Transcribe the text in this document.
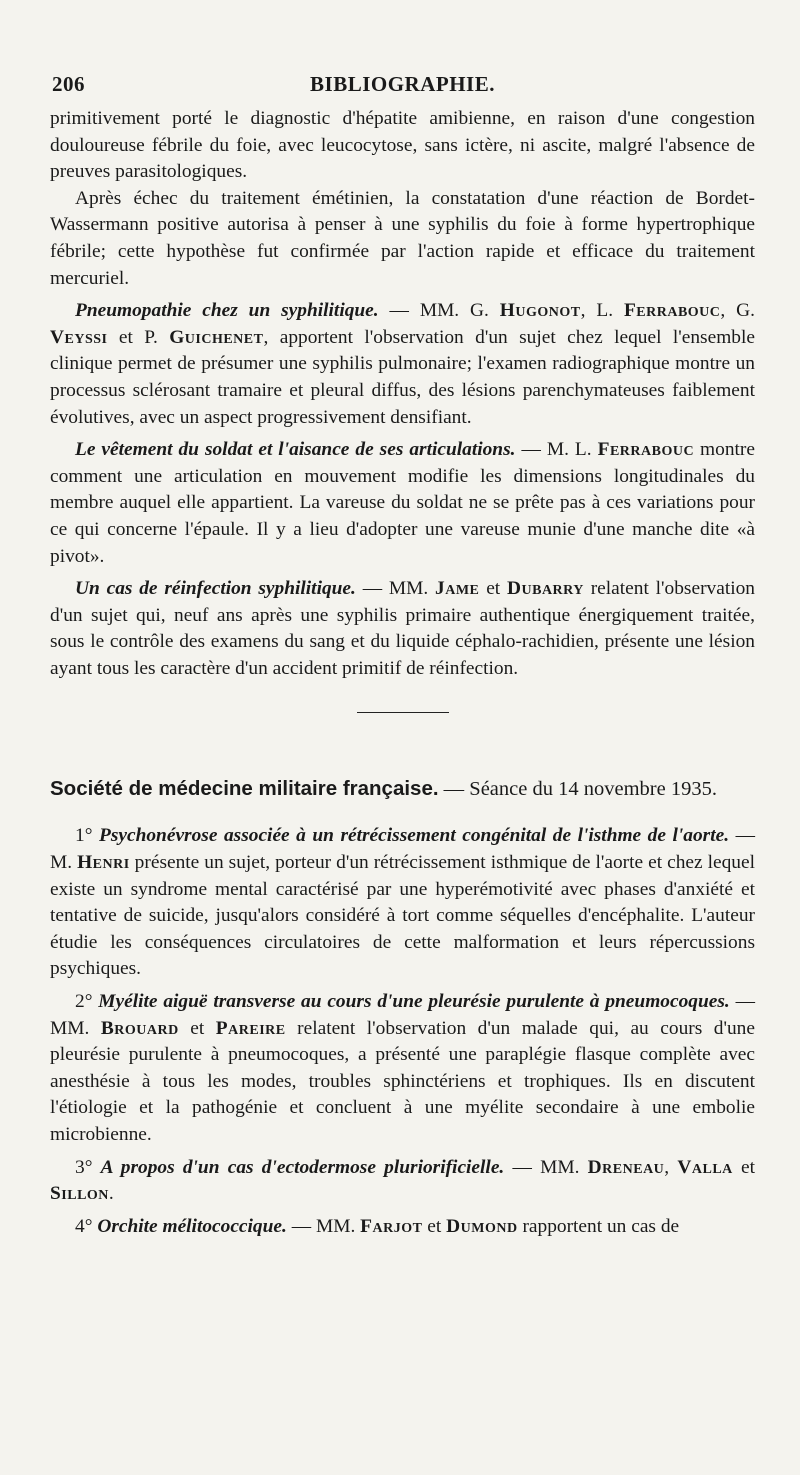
206	BIBLIOGRAPHIE.

primitivement porté le diagnostic d'hépatite amibienne, en raison d'une congestion douloureuse fébrile du foie, avec leucocytose, sans ictère, ni ascite, malgré l'absence de preuves parasitologiques.

Après échec du traitement émétinien, la constatation d'une réaction de Bordet-Wassermann positive autorisa à penser à une syphilis du foie à forme hypertrophique fébrile; cette hypothèse fut confirmée par l'action rapide et efficace du traitement mercuriel.

Pneumopathie chez un syphilitique. — MM. G. Hugonot, L. Ferrabouc, G. Veyssi et P. Guichenet, apportent l'observation d'un sujet chez lequel l'ensemble clinique permet de présumer une syphilis pulmonaire; l'examen radiographique montre un processus sclérosant tramaire et pleural diffus, des lésions parenchymateuses faiblement évolutives, avec un aspect progressivement densifiant.

Le vêtement du soldat et l'aisance de ses articulations. — M. L. Ferrabouc montre comment une articulation en mouvement modifie les dimensions longitudinales du membre auquel elle appartient. La vareuse du soldat ne se prête pas à ces variations pour ce qui concerne l'épaule. Il y a lieu d'adopter une vareuse munie d'une manche dite «à pivot».

Un cas de réinfection syphilitique. — MM. Jame et Dubarry relatent l'observation d'un sujet qui, neuf ans après une syphilis primaire authentique énergiquement traitée, sous le contrôle des examens du sang et du liquide céphalo-rachidien, présente une lésion ayant tous les caractère d'un accident primitif de réinfection.

Société de médecine militaire française. — Séance du 14 novembre 1935.

1° Psychonévrose associée à un rétrécissement congénital de l'isthme de l'aorte. — M. Henri présente un sujet, porteur d'un rétrécissement isthmique de l'aorte et chez lequel existe un syndrome mental caractérisé par une hyperémotivité avec phases d'anxiété et tentative de suicide, jusqu'alors considéré à tort comme séquelles d'encéphalite. L'auteur étudie les conséquences circulatoires de cette malformation et leurs répercussions psychiques.

2° Myélite aiguë transverse au cours d'une pleurésie purulente à pneumocoques. — MM. Brouard et Pareire relatent l'observation d'un malade qui, au cours d'une pleurésie purulente à pneumocoques, a présenté une paraplégie flasque complète avec anesthésie à tous les modes, troubles sphinctériens et trophiques. Ils en discutent l'étiologie et la pathogénie et concluent à une myélite secondaire à une embolie microbienne.

3° A propos d'un cas d'ectodermose pluriorificielle. — MM. Dreneau, Valla et Sillon.

4° Orchite mélitococcique. — MM. Farjot et Dumond rapportent un cas de
